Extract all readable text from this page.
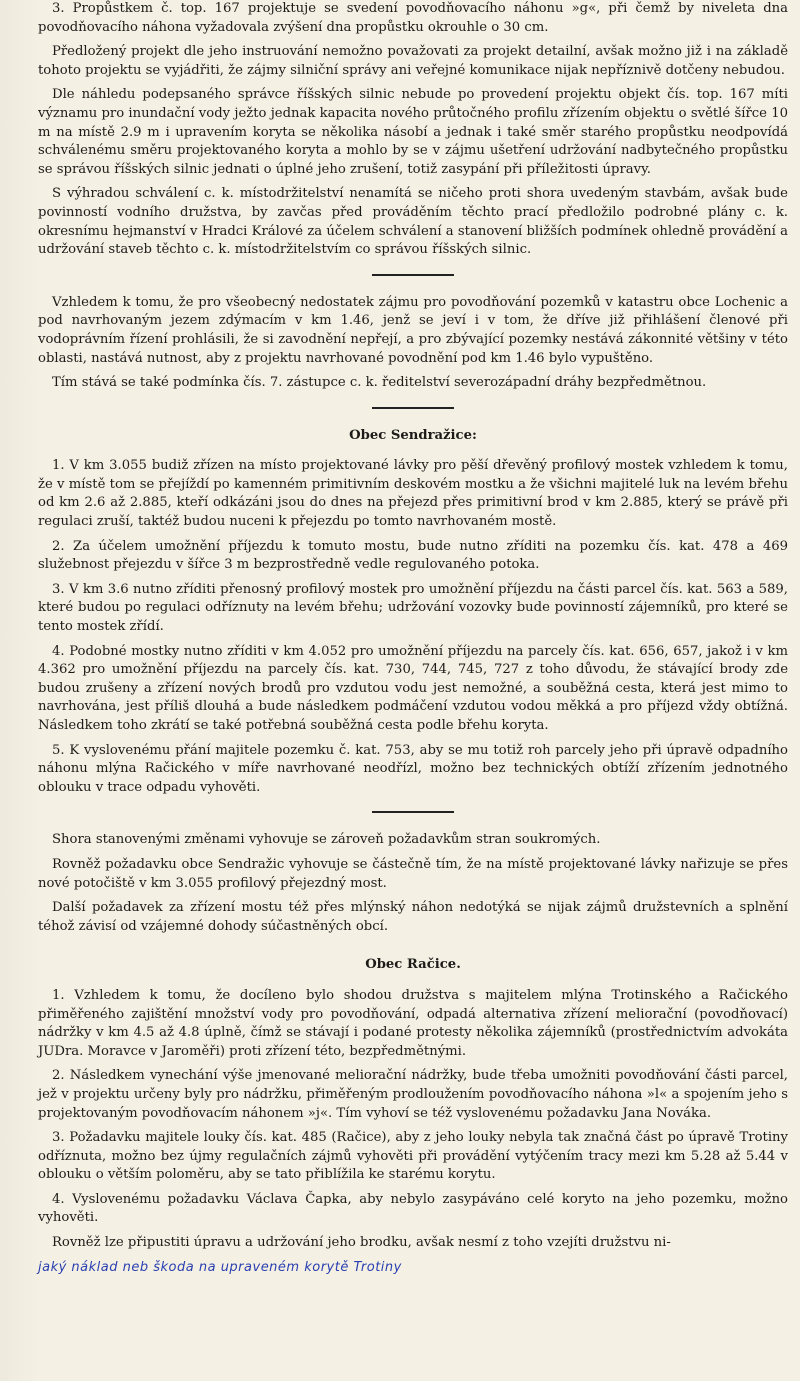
3. Propůstkem č. top. 167 projektuje se svedení povodňovacího náhonu »g«, při čemž by niveleta dna povodňovacího náhona vyžadovala zvýšení dna propůstku okrouhle o 30 cm.

Předložený projekt dle jeho instruování nemožno považovati za projekt detailní, avšak možno již i na základě tohoto projektu se vyjádřiti, že zájmy silniční správy ani veřejné komunikace nijak nepříznivě dotčeny nebudou.

Dle náhledu podepsaného správce říšských silnic nebude po provedení projektu objekt čís. top. 167 míti významu pro inundační vody ježto jednak kapacita nového průtočného profilu zřízením objektu o světlé šířce 10 m na místě 2.9 m i upravením koryta se několika násobí a jednak i také směr starého propůstku neodpovídá schválenému směru projektovaného koryta a mohlo by se v zájmu ušetření udržování nadbytečného propůstku se správou říšských silnic jednati o úplné jeho zrušení, totiž zasypání při příležitosti úpravy.

S výhradou schválení c. k. místodržitelství nenamítá se ničeho proti shora uvedeným stavbám, avšak bude povinností vodního družstva, by zavčas před prováděním těchto prací předložilo podrobné plány c. k. okresnímu hejmanství v Hradci Králové za účelem schválení a stanovení bližších podmínek ohledně provádění a udržování staveb těchto c. k. místodržitelstvím co správou říšských silnic.

Vzhledem k tomu, že pro všeobecný nedostatek zájmu pro povodňování pozemků v katastru obce Lochenic a pod navrhovaným jezem zdýmacím v km 1.46, jenž se jeví i v tom, že dříve již přihlášení členové při vodoprávním řízení prohlásili, že si zavodnění nepřejí, a pro zbývající pozemky nestává zákonnité většiny v této oblasti, nastává nutnost, aby z projektu navrhované povodnění pod km 1.46 bylo vypuštěno.

Tím stává se také podmínka čís. 7. zástupce c. k. ředitelství severozápadní dráhy bezpředmětnou.

Obec Sendražice:

1. V km 3.055 budiž zřízen na místo projektované lávky pro pěší dřevěný profilový mostek vzhledem k tomu, že v místě tom se přejíždí po kamenném primitivním deskovém mostku a že všichni majitelé luk na levém břehu od km 2.6 až 2.885, kteří odkázáni jsou do dnes na přejezd přes primitivní brod v km 2.885, který se právě při regulaci zruší, taktéž budou nuceni k přejezdu po tomto navrhovaném mostě.

2. Za účelem umožnění příjezdu k tomuto mostu, bude nutno zříditi na pozemku čís. kat. 478 a 469 služebnost přejezdu v šířce 3 m bezprostředně vedle regulovaného potoka.

3. V km 3.6 nutno zříditi přenosný profilový mostek pro umožnění příjezdu na části parcel čís. kat. 563 a 589, které budou po regulaci odříznuty na levém břehu; udržování vozovky bude povinností zájemníků, pro které se tento mostek zřídí.

4. Podobné mostky nutno zříditi v km 4.052 pro umožnění příjezdu na parcely čís. kat. 656, 657, jakož i v km 4.362 pro umožnění příjezdu na parcely čís. kat. 730, 744, 745, 727 z toho důvodu, že stávající brody zde budou zrušeny a zřízení nových brodů pro vzdutou vodu jest nemožné, a souběžná cesta, která jest mimo to navrhována, jest příliš dlouhá a bude následkem podmáčení vzdutou vodou měkká a pro příjezd vždy obtížná. Následkem toho zkrátí se také potřebná souběžná cesta podle břehu koryta.

5. K vyslovenému přání majitele pozemku č. kat. 753, aby se mu totiž roh parcely jeho při úpravě odpadního náhonu mlýna Račického v míře navrhované neodřízl, možno bez technických obtíží zřízením jednotného oblouku v trace odpadu vyhověti.

Shora stanovenými změnami vyhovuje se zároveň požadavkům stran soukromých.

Rovněž požadavku obce Sendražic vyhovuje se částečně tím, že na místě projektované lávky nařizuje se přes nové potočiště v km 3.055 profilový přejezdný most.

Další požadavek za zřízení mostu též přes mlýnský náhon nedotýká se nijak zájmů družstevních a splnění téhož závisí od vzájemné dohody súčastněných obcí.

Obec Račice.

1. Vzhledem k tomu, že docíleno bylo shodou družstva s majitelem mlýna Trotinského a Račického přiměřeného zajištění množství vody pro povodňování, odpadá alternativa zřízení meliorační (povodňovací) nádržky v km 4.5 až 4.8 úplně, čímž se stávají i podané protesty několika zájemníků (prostřednictvím advokáta JUDra. Moravce v Jaroměři) proti zřízení této, bezpředmětnými.

2. Následkem vynechání výše jmenované meliorační nádržky, bude třeba umožniti povodňování části parcel, jež v projektu určeny byly pro nádržku, přiměřeným prodloužením povodňovacího náhona »l« a spojením jeho s projektovaným povodňovacím náhonem »j«. Tím vyhoví se též vyslovenému požadavku Jana Nováka.

3. Požadavku majitele louky čís. kat. 485 (Račice), aby z jeho louky nebyla tak značná část po úpravě Trotiny odříznuta, možno bez újmy regulačních zájmů vyhověti při provádění vytýčením tracy mezi km 5.28 až 5.44 v oblouku o větším poloměru, aby se tato přiblížila ke starému korytu.

4. Vyslovenému požadavku Václava Čapka, aby nebylo zasypáváno celé koryto na jeho pozemku, možno vyhověti.

Rovněž lze připustiti úpravu a udržování jeho brodku, avšak nesmí z toho vzejíti družstvu ni-

jaký náklad neb škoda na upraveném korytě Trotiny
